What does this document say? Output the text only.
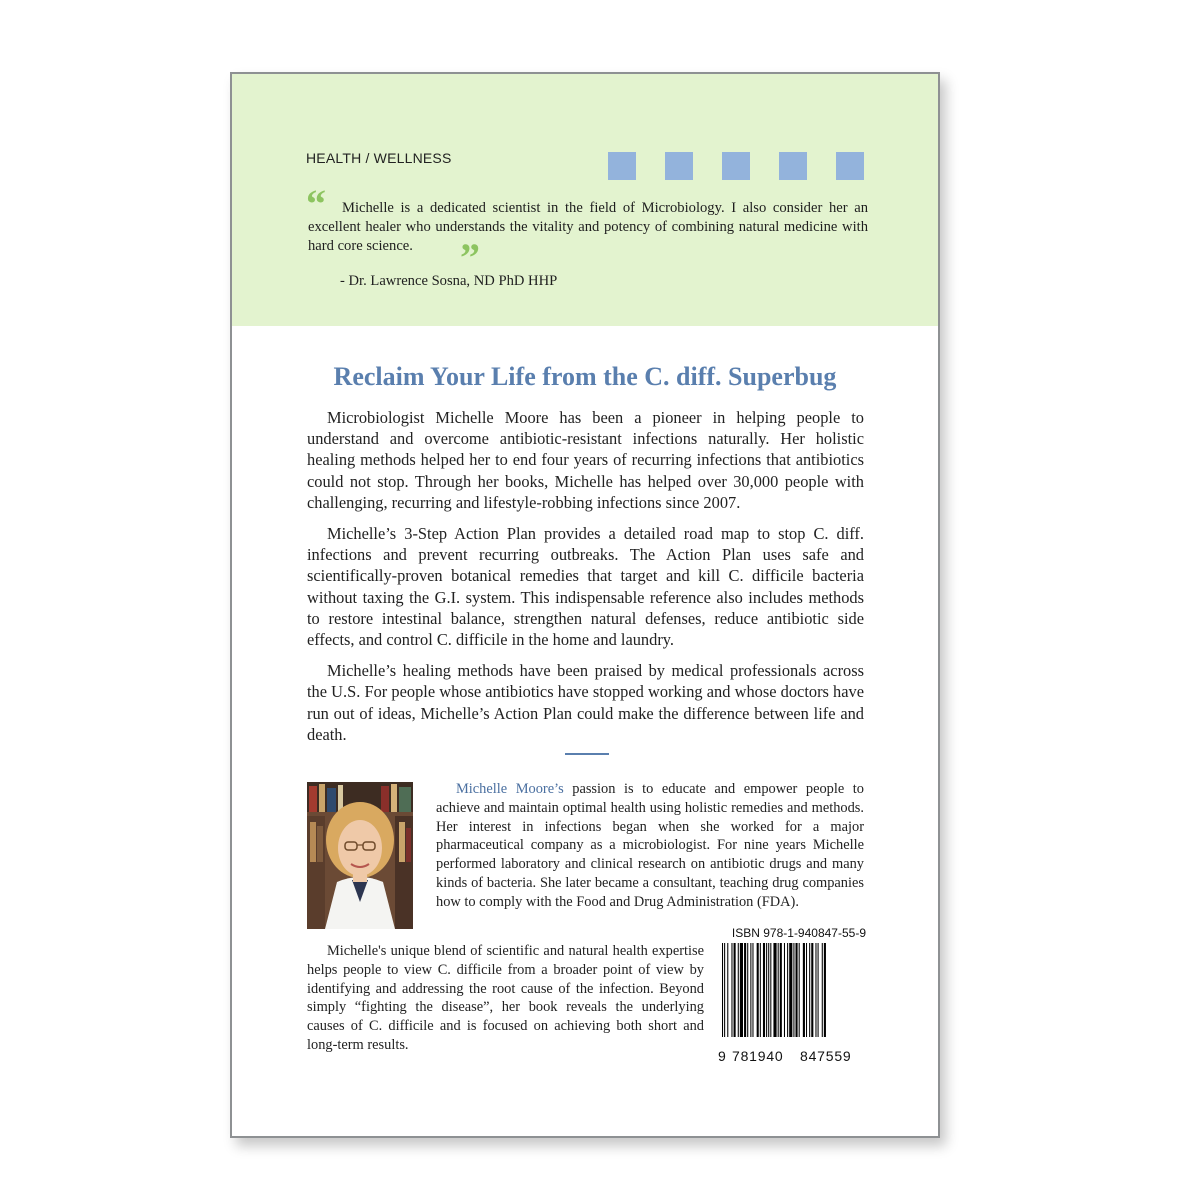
HEALTH / WELLNESS
“	Michelle is a dedicated scientist in the field of Microbiology. I also consider her an excellent healer who understands the vitality and potency of combining natural medicine with hard core science.	”
- Dr. Lawrence Sosna, ND PhD HHP
Reclaim Your Life from the C. diff. Superbug

Microbiologist Michelle Moore has been a pioneer in helping people to understand and overcome antibiotic-resistant infections naturally. Her holistic healing methods helped her to end four years of recurring infections that antibiotics could not stop. Through her books, Michelle has helped over 30,000 people with challenging, recurring and lifestyle-robbing infections since 2007.

Michelle’s 3-Step Action Plan provides a detailed road map to stop C. diff. infections and prevent recurring outbreaks. The Action Plan uses safe and scientifically-proven botanical remedies that target and kill C. difficile bacteria without taxing the G.I. system. This indispensable reference also includes methods to restore intestinal balance, strengthen natural defenses, reduce antibiotic side effects, and control C. difficile in the home and laundry.

Michelle’s healing methods have been praised by medical professionals across the U.S. For people whose antibiotics have stopped working and whose doctors have run out of ideas, Michelle’s Action Plan could make the difference between life and death.

Michelle Moore’s passion is to educate and empower people to achieve and maintain optimal health using holistic remedies and methods. Her interest in infections began when she worked for a major pharmaceutical company as a microbiologist. For nine years Michelle performed laboratory and clinical research on antibiotic drugs and many kinds of bacteria. She later became a consultant, teaching drug companies how to comply with the Food and Drug Administration (FDA).
Michelle's unique blend of scientific and natural health expertise helps people to view C. difficile from a broader point of view by identifying and addressing the root cause of the infection. Beyond simply “fighting the disease”, her book reveals the underlying causes of C. difficile and is focused on achieving both short and long-term results.
ISBN 978-1-940847-55-9
9 781940 847559
